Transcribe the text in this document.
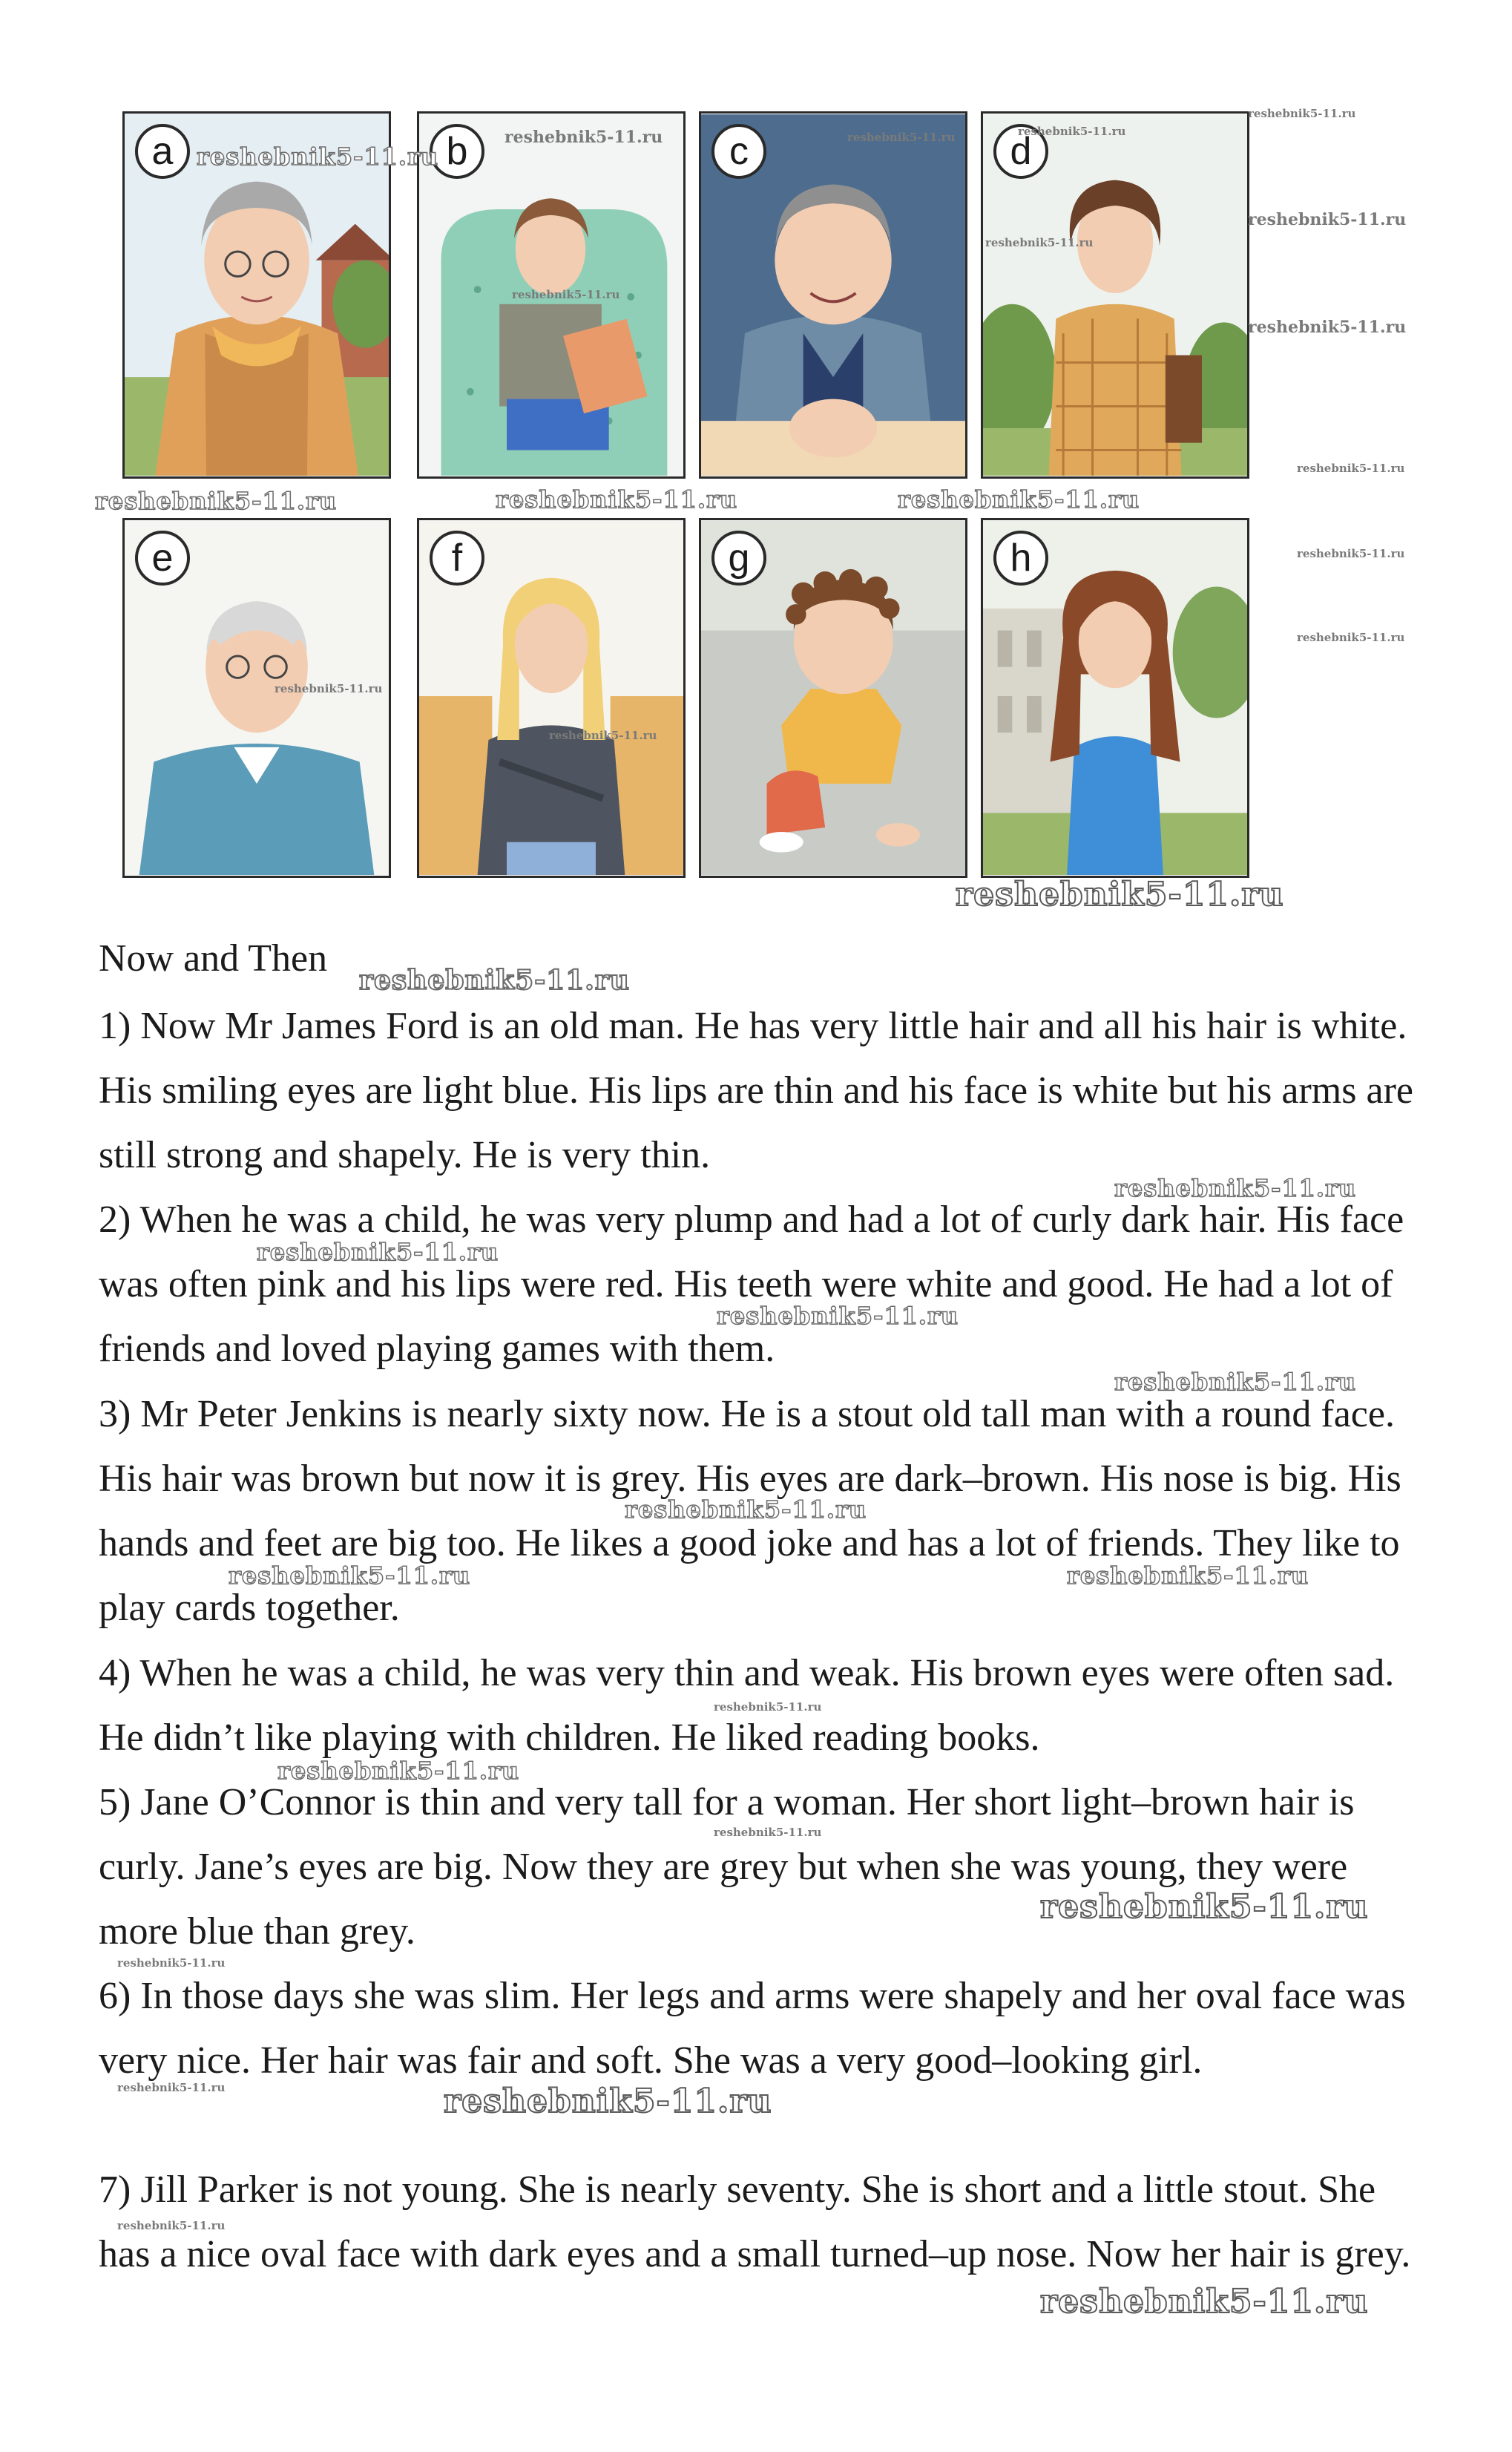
a	b	c	d
e	f	g	h
reshebnik5-11.ru
reshebnik5-11.ru	reshebnik5-11.ru	reshebnik5-11.ru
reshebnik5-11.ru
reshebnik5-11.ru
reshebnik5-11.ru
reshebnik5-11.ru
reshebnik5-11.ru
reshebnik5-11.ru
reshebnik5-11.ru
reshebnik5-11.ru
reshebnik5-11.ru
reshebnik5-11.ru
reshebnik5-11.ru	reshebnik5-11.ru	reshebnik5-11.ru
reshebnik5-11.ru
reshebnik5-11.ru
reshebnik5-11.ru
reshebnik5-11.ru
reshebnik5-11.ru
reshebnik5-11.ru
reshebnik5-11.ru
reshebnik5-11.ru	reshebnik5-11.ru
reshebnik5-11.ru
reshebnik5-11.ru
reshebnik5-11.ru
reshebnik5-11.ru
reshebnik5-11.ru
reshebnik5-11.ru	reshebnik5-11.ru
reshebnik5-11.ru
reshebnik5-11.ru
Now and Then
1) Now Mr James Ford is an old man. He has very little hair and all his hair is white. His smiling eyes are light blue. His lips are thin and his face is white but his arms are still strong and shapely. He is very thin.
2) When he was a child, he was very plump and had a lot of curly dark hair. His face was often pink and his lips were red. His teeth were white and good. He had a lot of friends and loved playing games with them.
3) Mr Peter Jenkins is nearly sixty now. He is a stout old tall man with a round face. His hair was brown but now it is grey. His eyes are dark–brown. His nose is big. His hands and feet are big too. He likes a good joke and has a lot of friends. They like to play cards together.
4) When he was a child, he was very thin and weak. His brown eyes were often sad. He didn’t like playing with children. He liked reading books.
5) Jane O’Connor is thin and very tall for a woman. Her short light–brown hair is curly. Jane’s eyes are big. Now they are grey but when she was young, they were more blue than grey.
6) In those days she was slim. Her legs and arms were shapely and her oval face was very nice. Her hair was fair and soft. She was a very good–looking girl.
7) Jill Parker is not young. She is nearly seventy. She is short and a little stout. She has a nice oval face with dark eyes and a small turned–up nose. Now her hair is grey.
